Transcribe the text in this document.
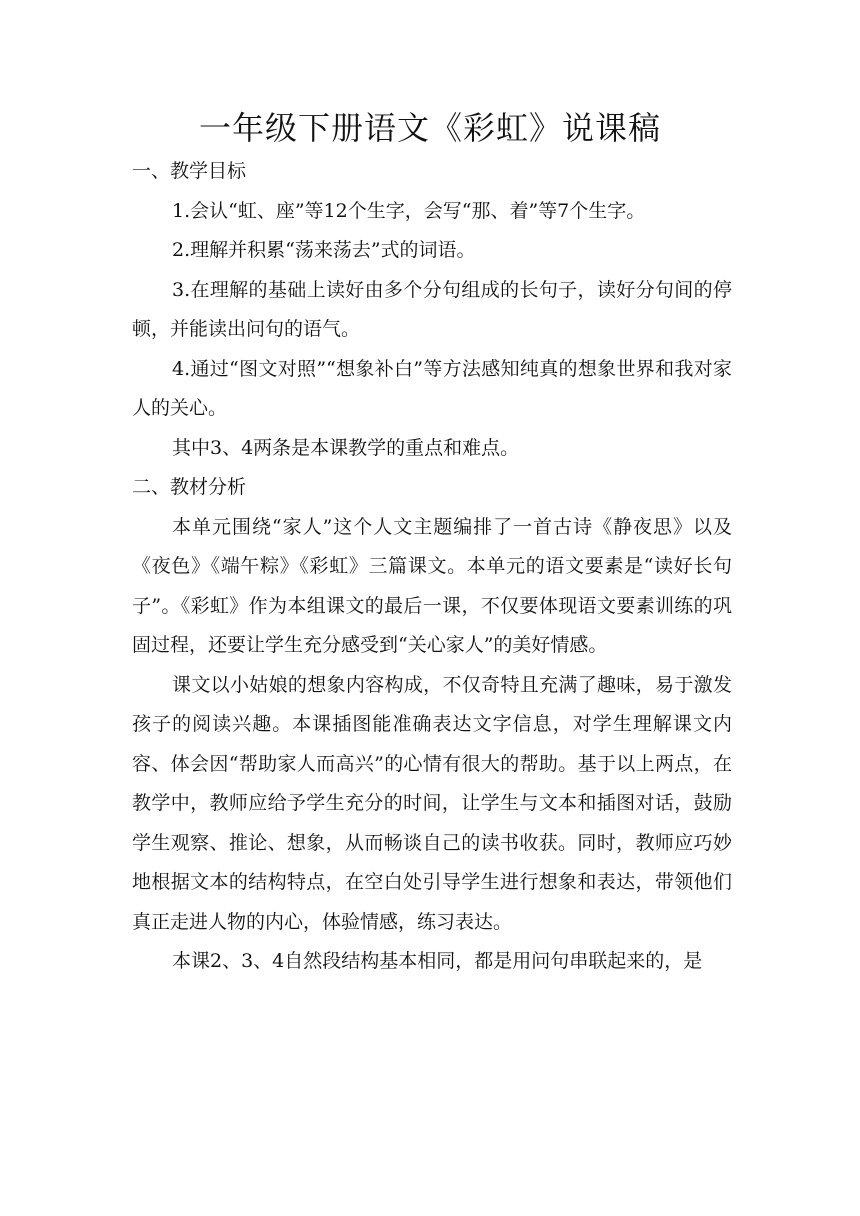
一年级下册语文《彩虹》说课稿

一、教学目标

1.会认“虹、座”等12个生字，会写“那、着”等7个生字。

2.理解并积累“荡来荡去”式的词语。

3.在理解的基础上读好由多个分句组成的长句子，读好分句间的停顿，并能读出问句的语气。

4.通过“图文对照”“想象补白”等方法感知纯真的想象世界和我对家人的关心。

其中3、4两条是本课教学的重点和难点。

二、教材分析

本单元围绕“家人”这个人文主题编排了一首古诗《静夜思》以及《夜色》《端午粽》《彩虹》三篇课文。本单元的语文要素是“读好长句子”。《彩虹》作为本组课文的最后一课，不仅要体现语文要素训练的巩固过程，还要让学生充分感受到“关心家人”的美好情感。

课文以小姑娘的想象内容构成，不仅奇特且充满了趣味，易于激发孩子的阅读兴趣。本课插图能准确表达文字信息，对学生理解课文内容、体会因“帮助家人而高兴”的心情有很大的帮助。基于以上两点，在教学中，教师应给予学生充分的时间，让学生与文本和插图对话，鼓励学生观察、推论、想象，从而畅谈自己的读书收获。同时，教师应巧妙地根据文本的结构特点，在空白处引导学生进行想象和表达，带领他们真正走进人物的内心，体验情感，练习表达。

本课2、3、4自然段结构基本相同，都是用问句串联起来的，是
